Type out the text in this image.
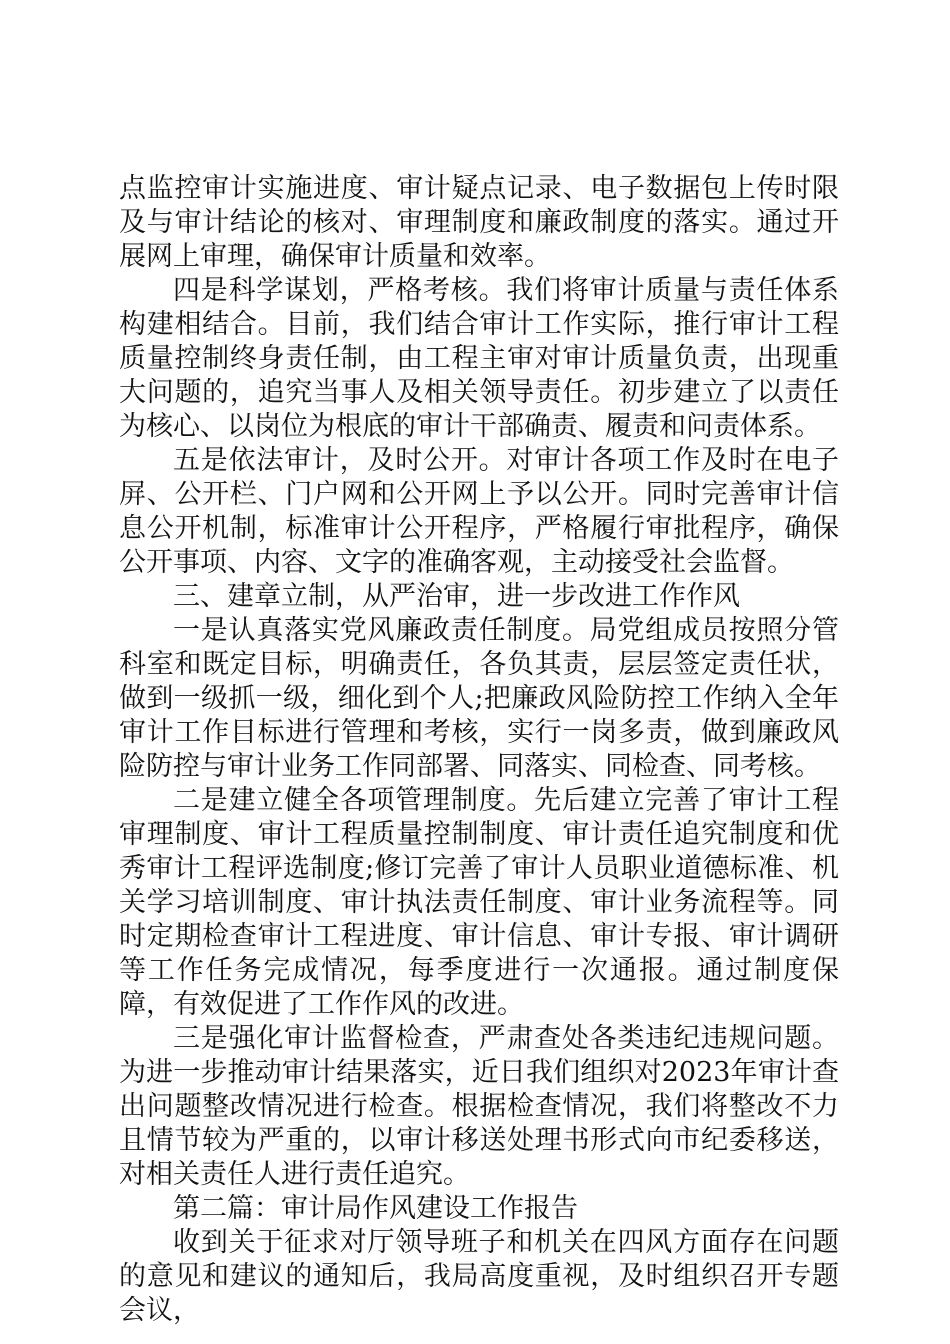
点监控审计实施进度、审计疑点记录、电子数据包上传时限及与审计结论的核对、审理制度和廉政制度的落实。通过开展网上审理，确保审计质量和效率。

四是科学谋划，严格考核。我们将审计质量与责任体系构建相结合。目前，我们结合审计工作实际，推行审计工程质量控制终身责任制，由工程主审对审计质量负责，出现重大问题的，追究当事人及相关领导责任。初步建立了以责任为核心、以岗位为根底的审计干部确责、履责和问责体系。

五是依法审计，及时公开。对审计各项工作及时在电子屏、公开栏、门户网和公开网上予以公开。同时完善审计信息公开机制，标准审计公开程序，严格履行审批程序，确保公开事项、内容、文字的准确客观，主动接受社会监督。

三、建章立制，从严治审，进一步改进工作作风

一是认真落实党风廉政责任制度。局党组成员按照分管科室和既定目标，明确责任，各负其责，层层签定责任状，做到一级抓一级，细化到个人;把廉政风险防控工作纳入全年审计工作目标进行管理和考核，实行一岗多责，做到廉政风险防控与审计业务工作同部署、同落实、同检查、同考核。

二是建立健全各项管理制度。先后建立完善了审计工程审理制度、审计工程质量控制制度、审计责任追究制度和优秀审计工程评选制度;修订完善了审计人员职业道德标准、机关学习培训制度、审计执法责任制度、审计业务流程等。同时定期检查审计工程进度、审计信息、审计专报、审计调研等工作任务完成情况，每季度进行一次通报。通过制度保障，有效促进了工作作风的改进。

三是强化审计监督检查，严肃查处各类违纪违规问题。为进一步推动审计结果落实，近日我们组织对2023年审计查出问题整改情况进行检查。根据检查情况，我们将整改不力且情节较为严重的，以审计移送处理书形式向市纪委移送，对相关责任人进行责任追究。

第二篇：审计局作风建设工作报告

收到关于征求对厅领导班子和机关在四风方面存在问题的意见和建议的通知后，我局高度重视，及时组织召开专题会议，
